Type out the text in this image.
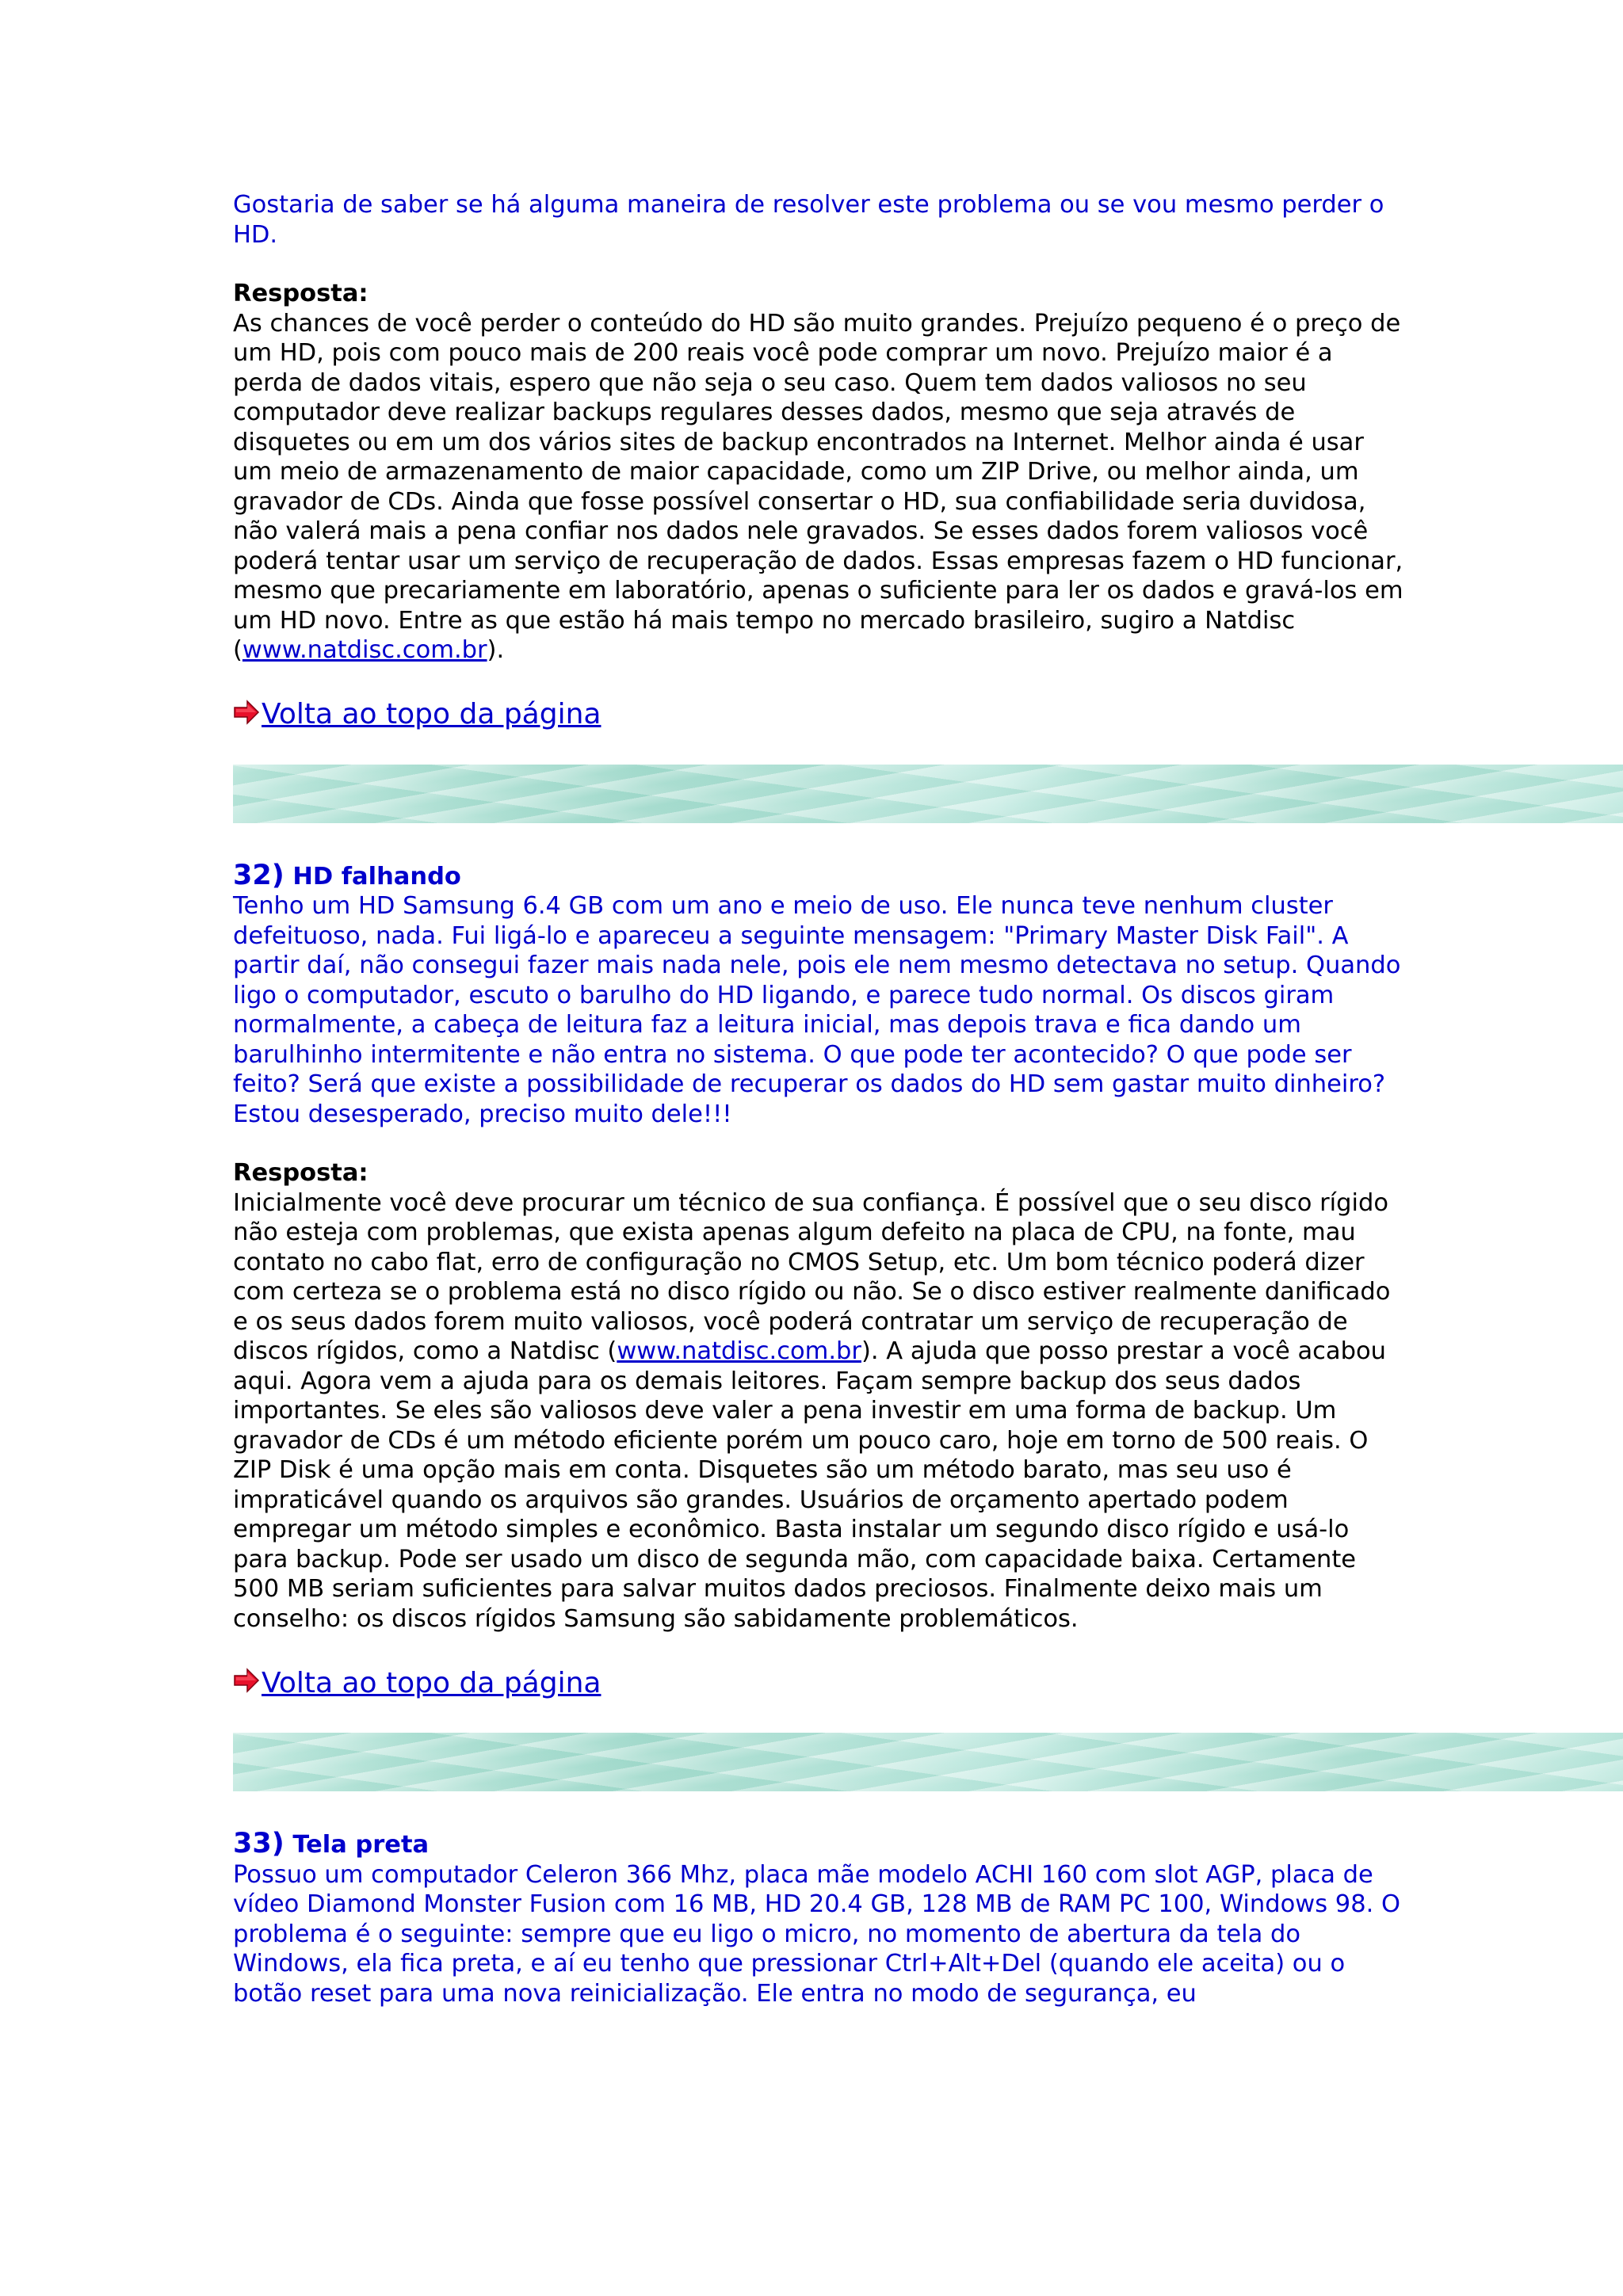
Gostaria de saber se há alguma maneira de resolver este problema ou se vou mesmo perder o HD.

Resposta:

As chances de você perder o conteúdo do HD são muito grandes. Prejuízo pequeno é o preço de um HD, pois com pouco mais de 200 reais você pode comprar um novo. Prejuízo maior é a perda de dados vitais, espero que não seja o seu caso. Quem tem dados valiosos no seu computador deve realizar backups regulares desses dados, mesmo que seja através de disquetes ou em um dos vários sites de backup encontrados na Internet. Melhor ainda é usar um meio de armazenamento de maior capacidade, como um ZIP Drive, ou melhor ainda, um gravador de CDs. Ainda que fosse possível consertar o HD, sua confiabilidade seria duvidosa, não valerá mais a pena confiar nos dados nele gravados. Se esses dados forem valiosos você poderá tentar usar um serviço de recuperação de dados. Essas empresas fazem o HD funcionar, mesmo que precariamente em laboratório, apenas o suficiente para ler os dados e gravá-los em um HD novo. Entre as que estão há mais tempo no mercado brasileiro, sugiro a Natdisc (www.natdisc.com.br).

Volta ao topo da página

32) HD falhando

Tenho um HD Samsung 6.4 GB com um ano e meio de uso. Ele nunca teve nenhum cluster defeituoso, nada. Fui ligá-lo e apareceu a seguinte mensagem: "Primary Master Disk Fail". A partir daí, não consegui fazer mais nada nele, pois ele nem mesmo detectava no setup. Quando ligo o computador, escuto o barulho do HD ligando, e parece tudo normal. Os discos giram normalmente, a cabeça de leitura faz a leitura inicial, mas depois trava e fica dando um barulhinho intermitente e não entra no sistema. O que pode ter acontecido? O que pode ser feito? Será que existe a possibilidade de recuperar os dados do HD sem gastar muito dinheiro? Estou desesperado, preciso muito dele!!!

Resposta:

Inicialmente você deve procurar um técnico de sua confiança. É possível que o seu disco rígido não esteja com problemas, que exista apenas algum defeito na placa de CPU, na fonte, mau contato no cabo flat, erro de configuração no CMOS Setup, etc. Um bom técnico poderá dizer com certeza se o problema está no disco rígido ou não. Se o disco estiver realmente danificado e os seus dados forem muito valiosos, você poderá contratar um serviço de recuperação de discos rígidos, como a Natdisc (www.natdisc.com.br). A ajuda que posso prestar a você acabou aqui. Agora vem a ajuda para os demais leitores. Façam sempre backup dos seus dados importantes. Se eles são valiosos deve valer a pena investir em uma forma de backup. Um gravador de CDs é um método eficiente porém um pouco caro, hoje em torno de 500 reais. O ZIP Disk é uma opção mais em conta. Disquetes são um método barato, mas seu uso é impraticável quando os arquivos são grandes. Usuários de orçamento apertado podem empregar um método simples e econômico. Basta instalar um segundo disco rígido e usá-lo para backup. Pode ser usado um disco de segunda mão, com capacidade baixa. Certamente 500 MB seriam suficientes para salvar muitos dados preciosos. Finalmente deixo mais um conselho: os discos rígidos Samsung são sabidamente problemáticos.

Volta ao topo da página

33) Tela preta

Possuo um computador Celeron 366 Mhz, placa mãe modelo ACHI 160 com slot AGP, placa de vídeo Diamond Monster Fusion com 16 MB, HD 20.4 GB, 128 MB de RAM PC 100, Windows 98. O problema é o seguinte: sempre que eu ligo o micro, no momento de abertura da tela do Windows, ela fica preta, e aí eu tenho que pressionar Ctrl+Alt+Del (quando ele aceita) ou o botão reset para uma nova reinicialização. Ele entra no modo de segurança, eu
